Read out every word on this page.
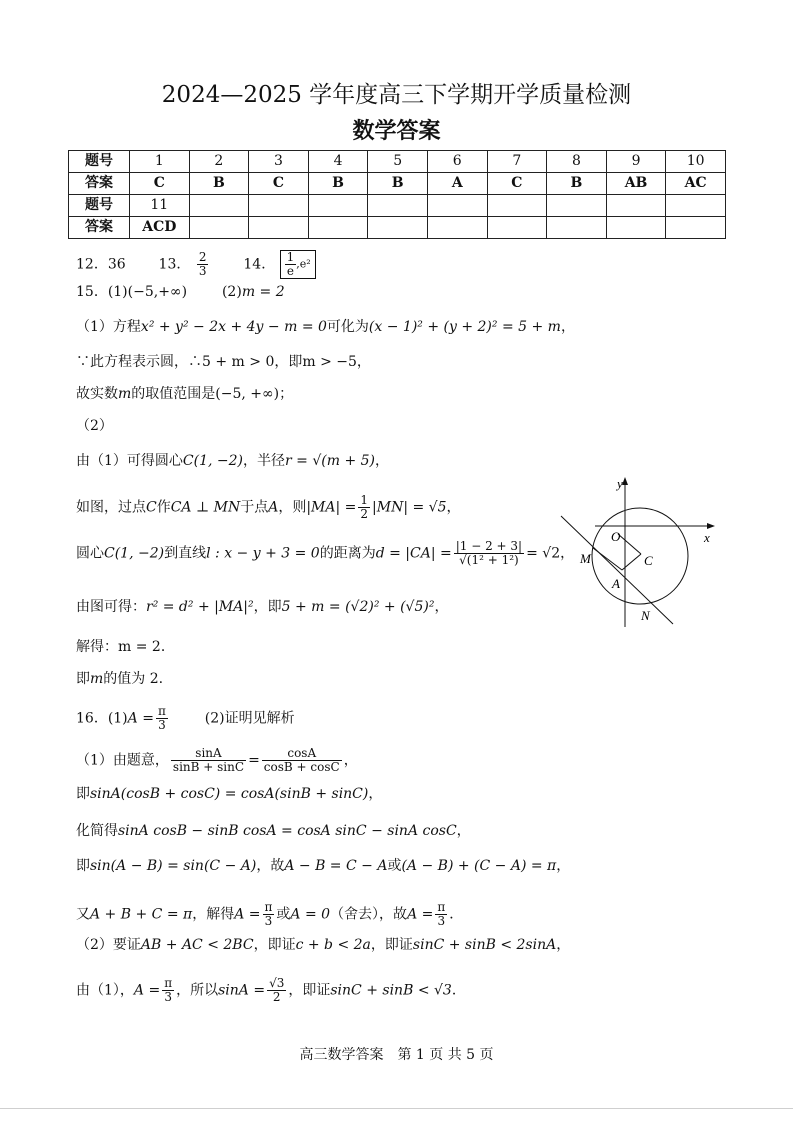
2024—2025 学年度高三下学期开学质量检测
数学答案
题号	1	2	3	4	5	6	7	8	9	10
答案	C	B	C	B	B	A	C	B	AB	AC
题号	11									
答案	ACD									
12．36 13． $\frac{2}{3} 14$． $\frac{1}{e} ,e^2$
15．(1)(−5,+∞) (2)m = 2
（1）方程x² + y² − 2x + 4y − m = 0可化为(x − 1)² + (y + 2)² = 5 + m，
∵此方程表示圆，∴5 + m > 0，即m > −5，
故实数m的取值范围是(−5, +∞)；
（2）
由（1）可得圆心C(1, −2)，半径r = √(m + 5)，
如图，过点C作CA ⊥ MN于点A，则$|MA| = \frac{1}{2} |MN| = √5$，
圆心C(1, −2)到直线l : x − y + 3 = 0的距离为$d = |CA| = \frac{|1 - 2 + 3|}{\text{√(1² + 1²)}} = √2$，
由图可得：r² = d² + |MA|²，即5 + m = (√2)² + (√5)²，
解得：m = 2．
即m的值为 2.
y
x
O
C
M
A
N
16．$(1)A = \frac{\pi}{3}$	(2)证明见解析
（1）由题意， $\frac{\sin A}{\sin B + \sin C} = \frac{\cos A}{\cos B + \cos C}$ ，
即sinA(cosB + cosC) = cosA(sinB + sinC)，
化简得sinA cosB − sinB cosA = cosA sinC − sinA cosC，
即sin(A − B) = sin(C − A)，故A − B = C − A或(A − B) + (C − A) = π，
又A + B + C = π，解得$A = \frac{\pi}{3}$ 或A = 0（舍去），故$A = \frac{\pi}{3}$ ．
（2）要证AB + AC < 2BC，即证c + b < 2a，即证sinC + sinB < 2sinA，
由（1），$A = \frac{\pi}{3}$ ，所以$\sin A = \frac{√3}{2}$ ，即证sinC + sinB < √3．
高三数学答案　第 1 页 共 5 页
